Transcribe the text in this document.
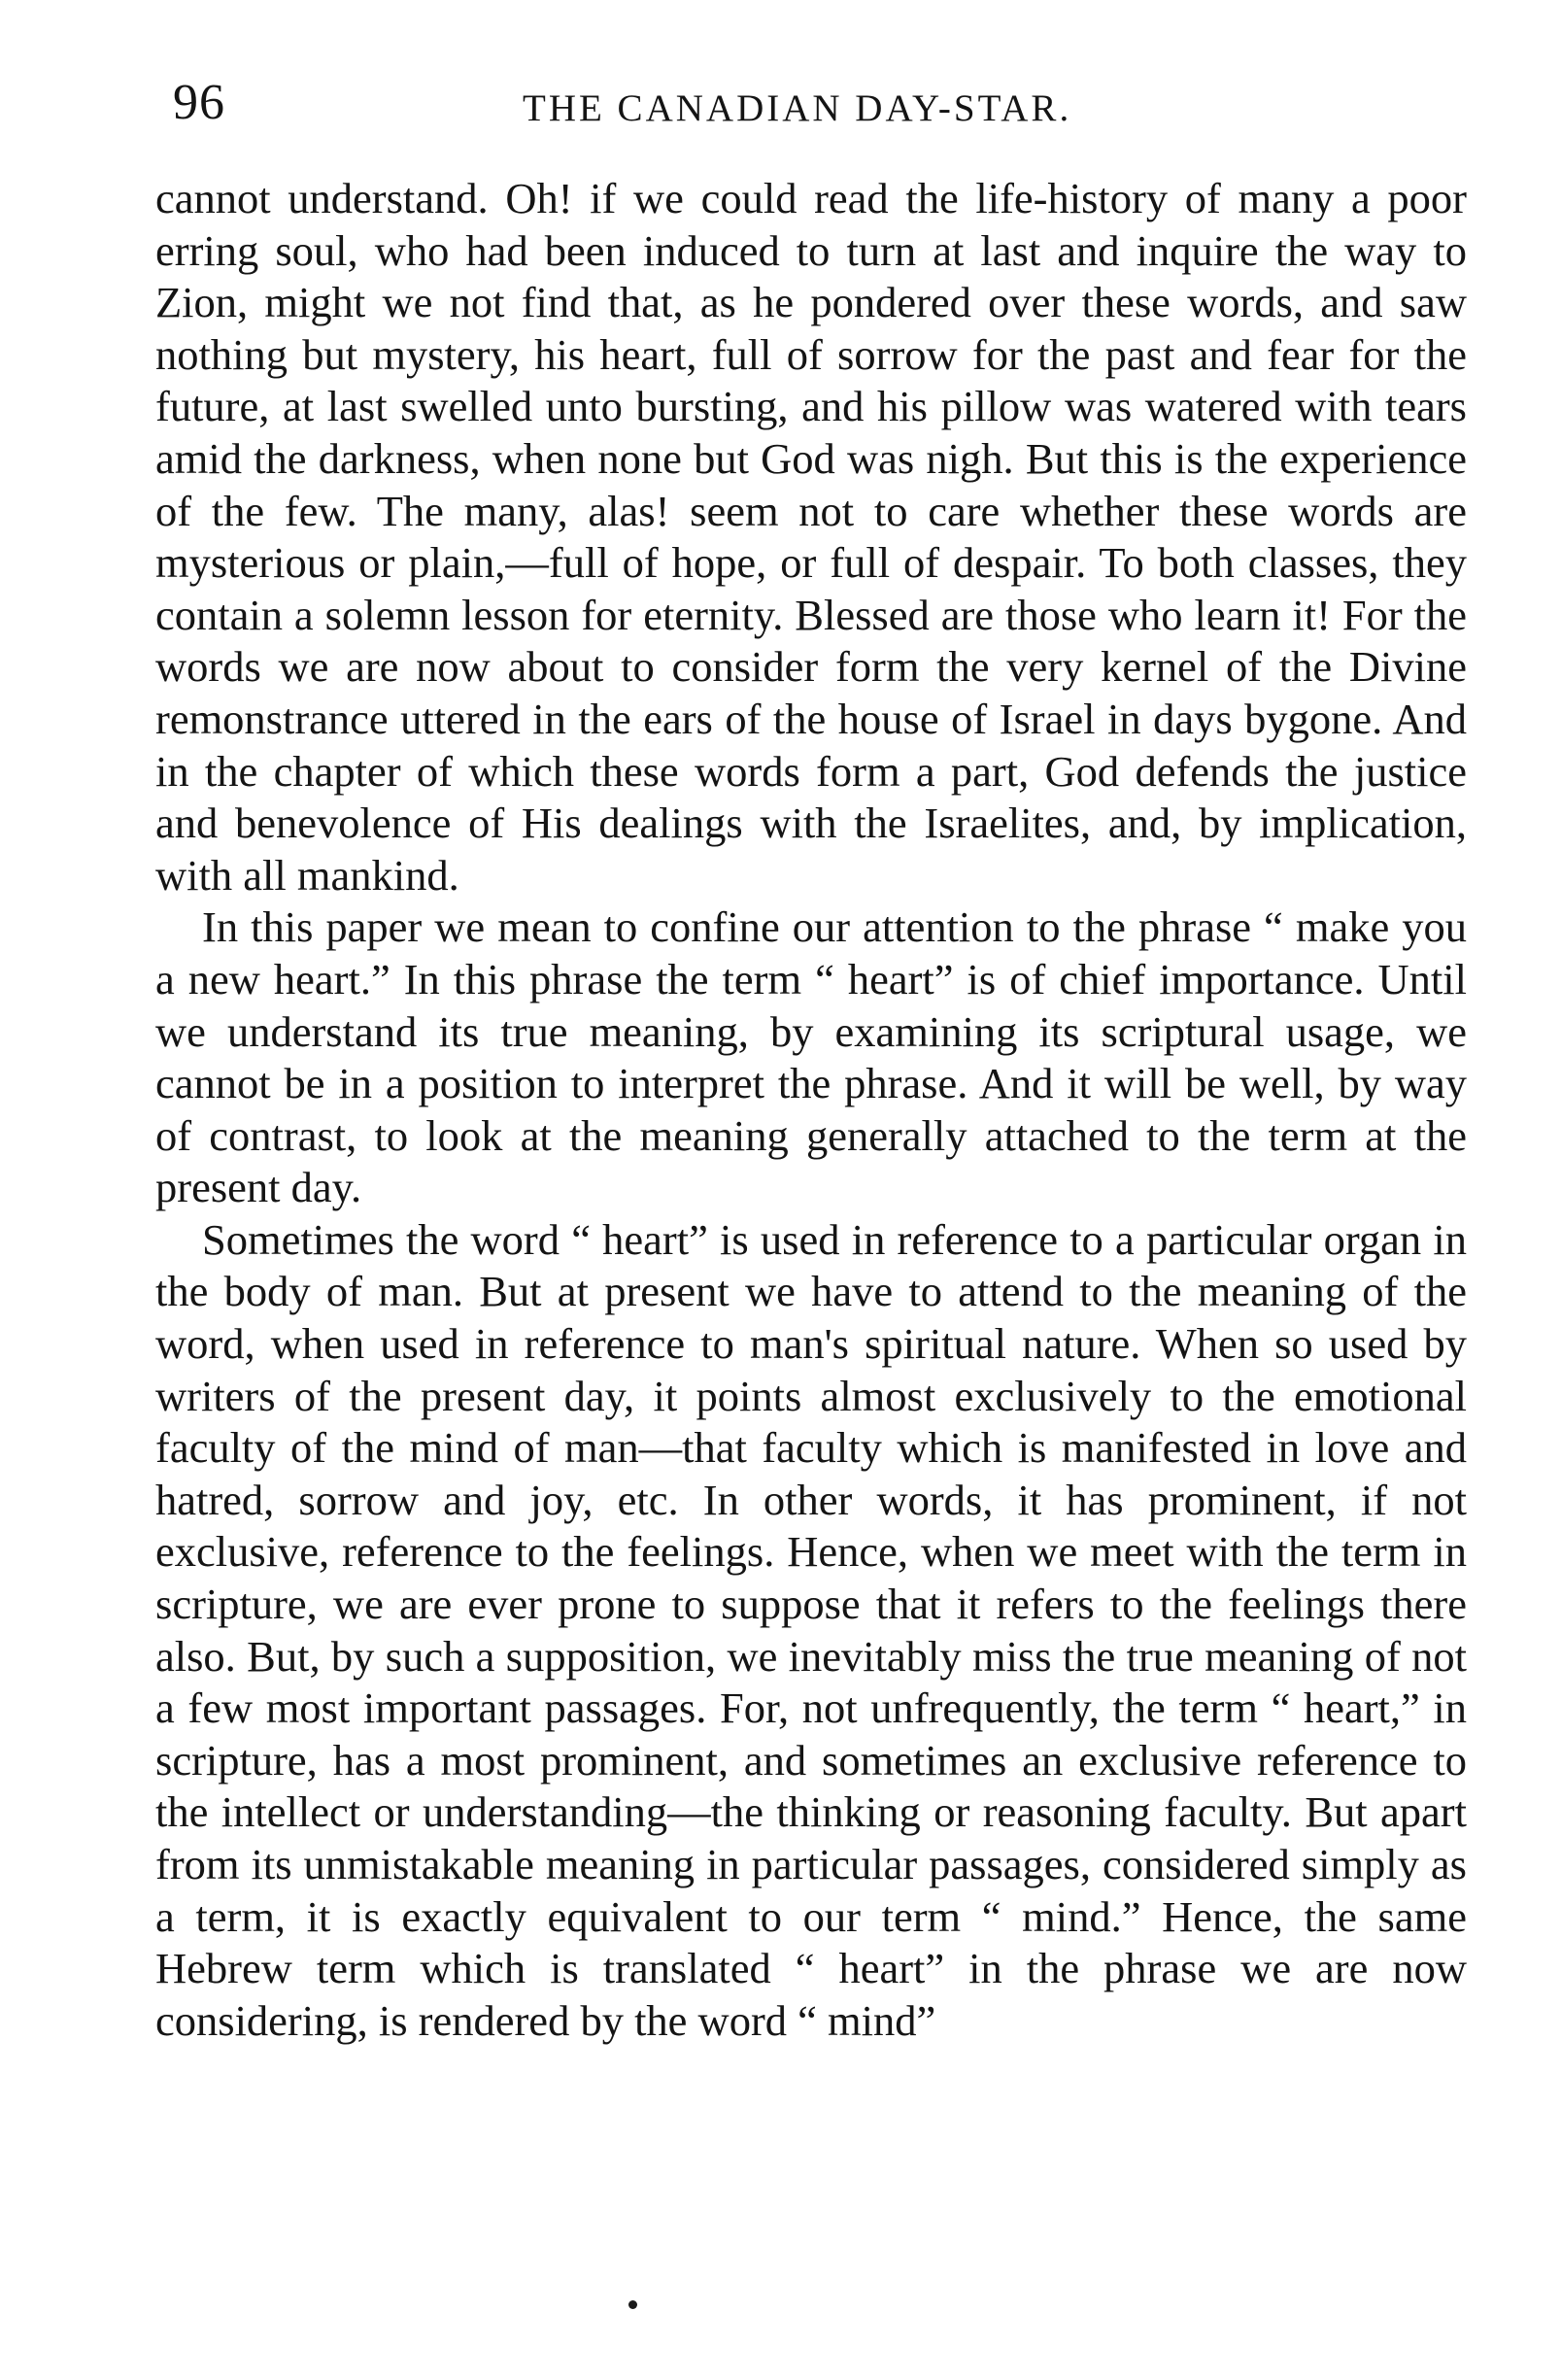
96	THE CANADIAN DAY-STAR.

cannot understand. Oh! if we could read the life-history of many a poor erring soul, who had been induced to turn at last and inquire the way to Zion, might we not find that, as he pondered over these words, and saw nothing but mystery, his heart, full of sorrow for the past and fear for the future, at last swelled unto bursting, and his pillow was watered with tears amid the darkness, when none but God was nigh. But this is the experience of the few. The many, alas! seem not to care whether these words are mysterious or plain,—full of hope, or full of despair. To both classes, they contain a solemn lesson for eternity. Blessed are those who learn it! For the words we are now about to consider form the very kernel of the Divine remonstrance uttered in the ears of the house of Israel in days bygone. And in the chapter of which these words form a part, God defends the justice and benevolence of His dealings with the Israelites, and, by implication, with all mankind.

In this paper we mean to confine our attention to the phrase “ make you a new heart.” In this phrase the term “ heart” is of chief importance. Until we understand its true meaning, by examining its scriptural usage, we cannot be in a position to interpret the phrase. And it will be well, by way of contrast, to look at the meaning generally attached to the term at the present day.

Sometimes the word “ heart” is used in reference to a particular organ in the body of man. But at present we have to attend to the meaning of the word, when used in reference to man's spiritual nature. When so used by writers of the present day, it points almost exclusively to the emotional faculty of the mind of man—that faculty which is manifested in love and hatred, sorrow and joy, etc. In other words, it has prominent, if not exclusive, reference to the feelings. Hence, when we meet with the term in scripture, we are ever prone to suppose that it refers to the feelings there also. But, by such a supposition, we inevitably miss the true meaning of not a few most important passages. For, not unfrequently, the term “ heart,” in scripture, has a most prominent, and sometimes an exclusive reference to the intellect or understanding—the thinking or reasoning faculty. But apart from its unmistakable meaning in particular passages, considered simply as a term, it is exactly equivalent to our term “ mind.” Hence, the same Hebrew term which is translated “ heart” in the phrase we are now considering, is rendered by the word “ mind”
